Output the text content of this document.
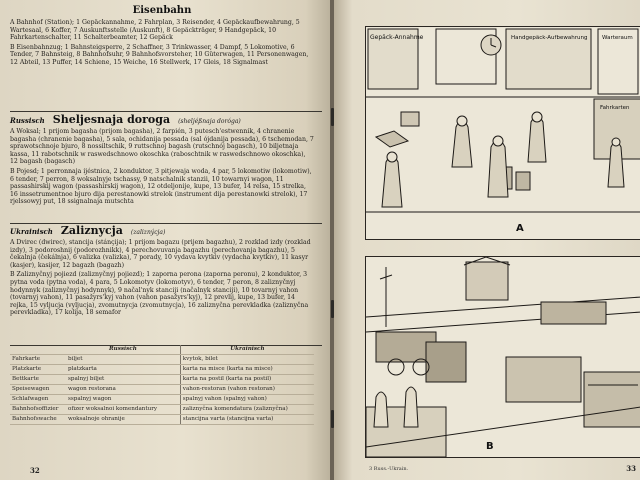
Eisenbahn

A Bahnhof (Station); 1 Gepäckannahme, 2 Fahrplan, 3 Reisender, 4 Gepäckaufbewahrung, 5 Wartesaal, 6 Koffer, 7 Auskunftsstelle (Auskunft), 8 Gepäckträger, 9 Handgepäck, 10 Fahrkartenschalter, 11 Schalterbeamter, 12 Gepäck

B Eisenbahnzug; 1 Bahnsteigsperre, 2 Schaffner, 3 Trinkwasser, 4 Dampf, 5 Lokomotive, 6 Tender, 7 Bahnsteig, 8 Bahnhofsuhr, 9 Bahnhofsvorsteher, 10 Güterwagen, 11 Personenwagen, 12 Abteil, 13 Puffer, 14 Schiene, 15 Weiche, 16 Stellwerk, 17 Gleis, 18 Signalmast

Russisch Sheljesnaja doroga (sheljéßnaja doróga)

A Woksal; 1 prijom bagasha (prijom bagasha), 2 farpién, 3 putesch'estwennik, 4 chranenie bagasha (chranenie bagasha), 5 sala, ochidanija pessada (sal ójdanija pessada), 6 tschemodan, 7 sprawotschnoje bjuro, 8 nossiltschik, 9 ruttschnoj bagash (rutschnój bagasch), 10 biljetnaja kassa, 11 rabotschnik w raswedschnowo okoschka (raboschtnik w raswedschnowo okoschka), 12 bagash (bagasch)

B Pojesd; 1 perronnaja ijéstnica, 2 konduktor, 3 pitjewaja woda, 4 par, 5 lokomotiw (lokomotiw), 6 tender, 7 perron, 8 woksalnyje tschassy, 9 natschalnik stanzii, 10 towarnyi wagon, 11 passashirskij wagon (passashirskij wagon), 12 otdeljonije, kupe, 13 bufer, 14 relsa, 15 strelka, 16 inssetrumentnoe bjuro dija perestanowki strelok (instrument dija perestanowki strelok), 17 rjelssowyj put, 18 ssignalnaja mutschta

Ukrainisch Zaliznycja (zaliznýcja)

A Dvirec (dwirec), stancija (stánçija); 1 prijom bagazu (prijem bagazhu), 2 rozklad izdy (rozklad izdy), 3 podoroshnij (podorozhnikk), 4 perechovuvanja bagazhu (perechovanja bagazhu), 5 čekalnja (čekálnja), 6 valizka (valizka), 7 porady, 10 vydava kvytkiv (vydacha kvytkiv), 11 kasyr (kasjer), kasijer, 12 bagazh (bagazh)

B Zaliznyčnyj pojiezd (zaliznyčnyj pojiezd); 1 zaporna perona (zaporna peronu), 2 konduktor, 3 pytna voda (pytna voda), 4 para, 5 Lokomotyv (lokomotyv), 6 tender, 7 peron, 8 zaliznyčnyj hodynnyk (zaliznyčnyj hodynnyk), 9 načal'nyk stanciji (načalnyk stanciji), 10 tovarnyj vahon (tovarnyj vahon), 11 pasažyrs'kyj vahon (vahon pasažyrs'kyj), 12 prevlij, kupe, 13 bufer, 14 rejka, 15 vyljucja (vyljucja), zvomutnycja (zvomutnycja), 16 zaliznyčna perevkladka (zaliznyčna perevkladka), 17 kolija, 18 semafor

	Russisch	Ukrainisch
Fahrkarte	biljet	kvytok, bilet
Platzkarte	platzkarta	karta na misce (karta na misce)
Bettkarte	spalnyj biljet	karta na postil (karta na postil)
Speisewagen	wagon restorana	vahon-restoran (vahon restoran)
Schlafwagen	sspalnyj wagon	spalnyj vahon (spalnyj vahon)
Bahnhofsoffizier	ofizer woksalnoi komendantury	zaliznyčna komendatura (zaliznyčna)
Bahnhofswache	woksalnoje ohranije	stancijna varta (stancijna varta)
32
Gepäck-Annahme	Handgepäck-Aufbewahrung	Warteraum
Fahrkarten
A
B
3 Russ.-Ukrain.	33
